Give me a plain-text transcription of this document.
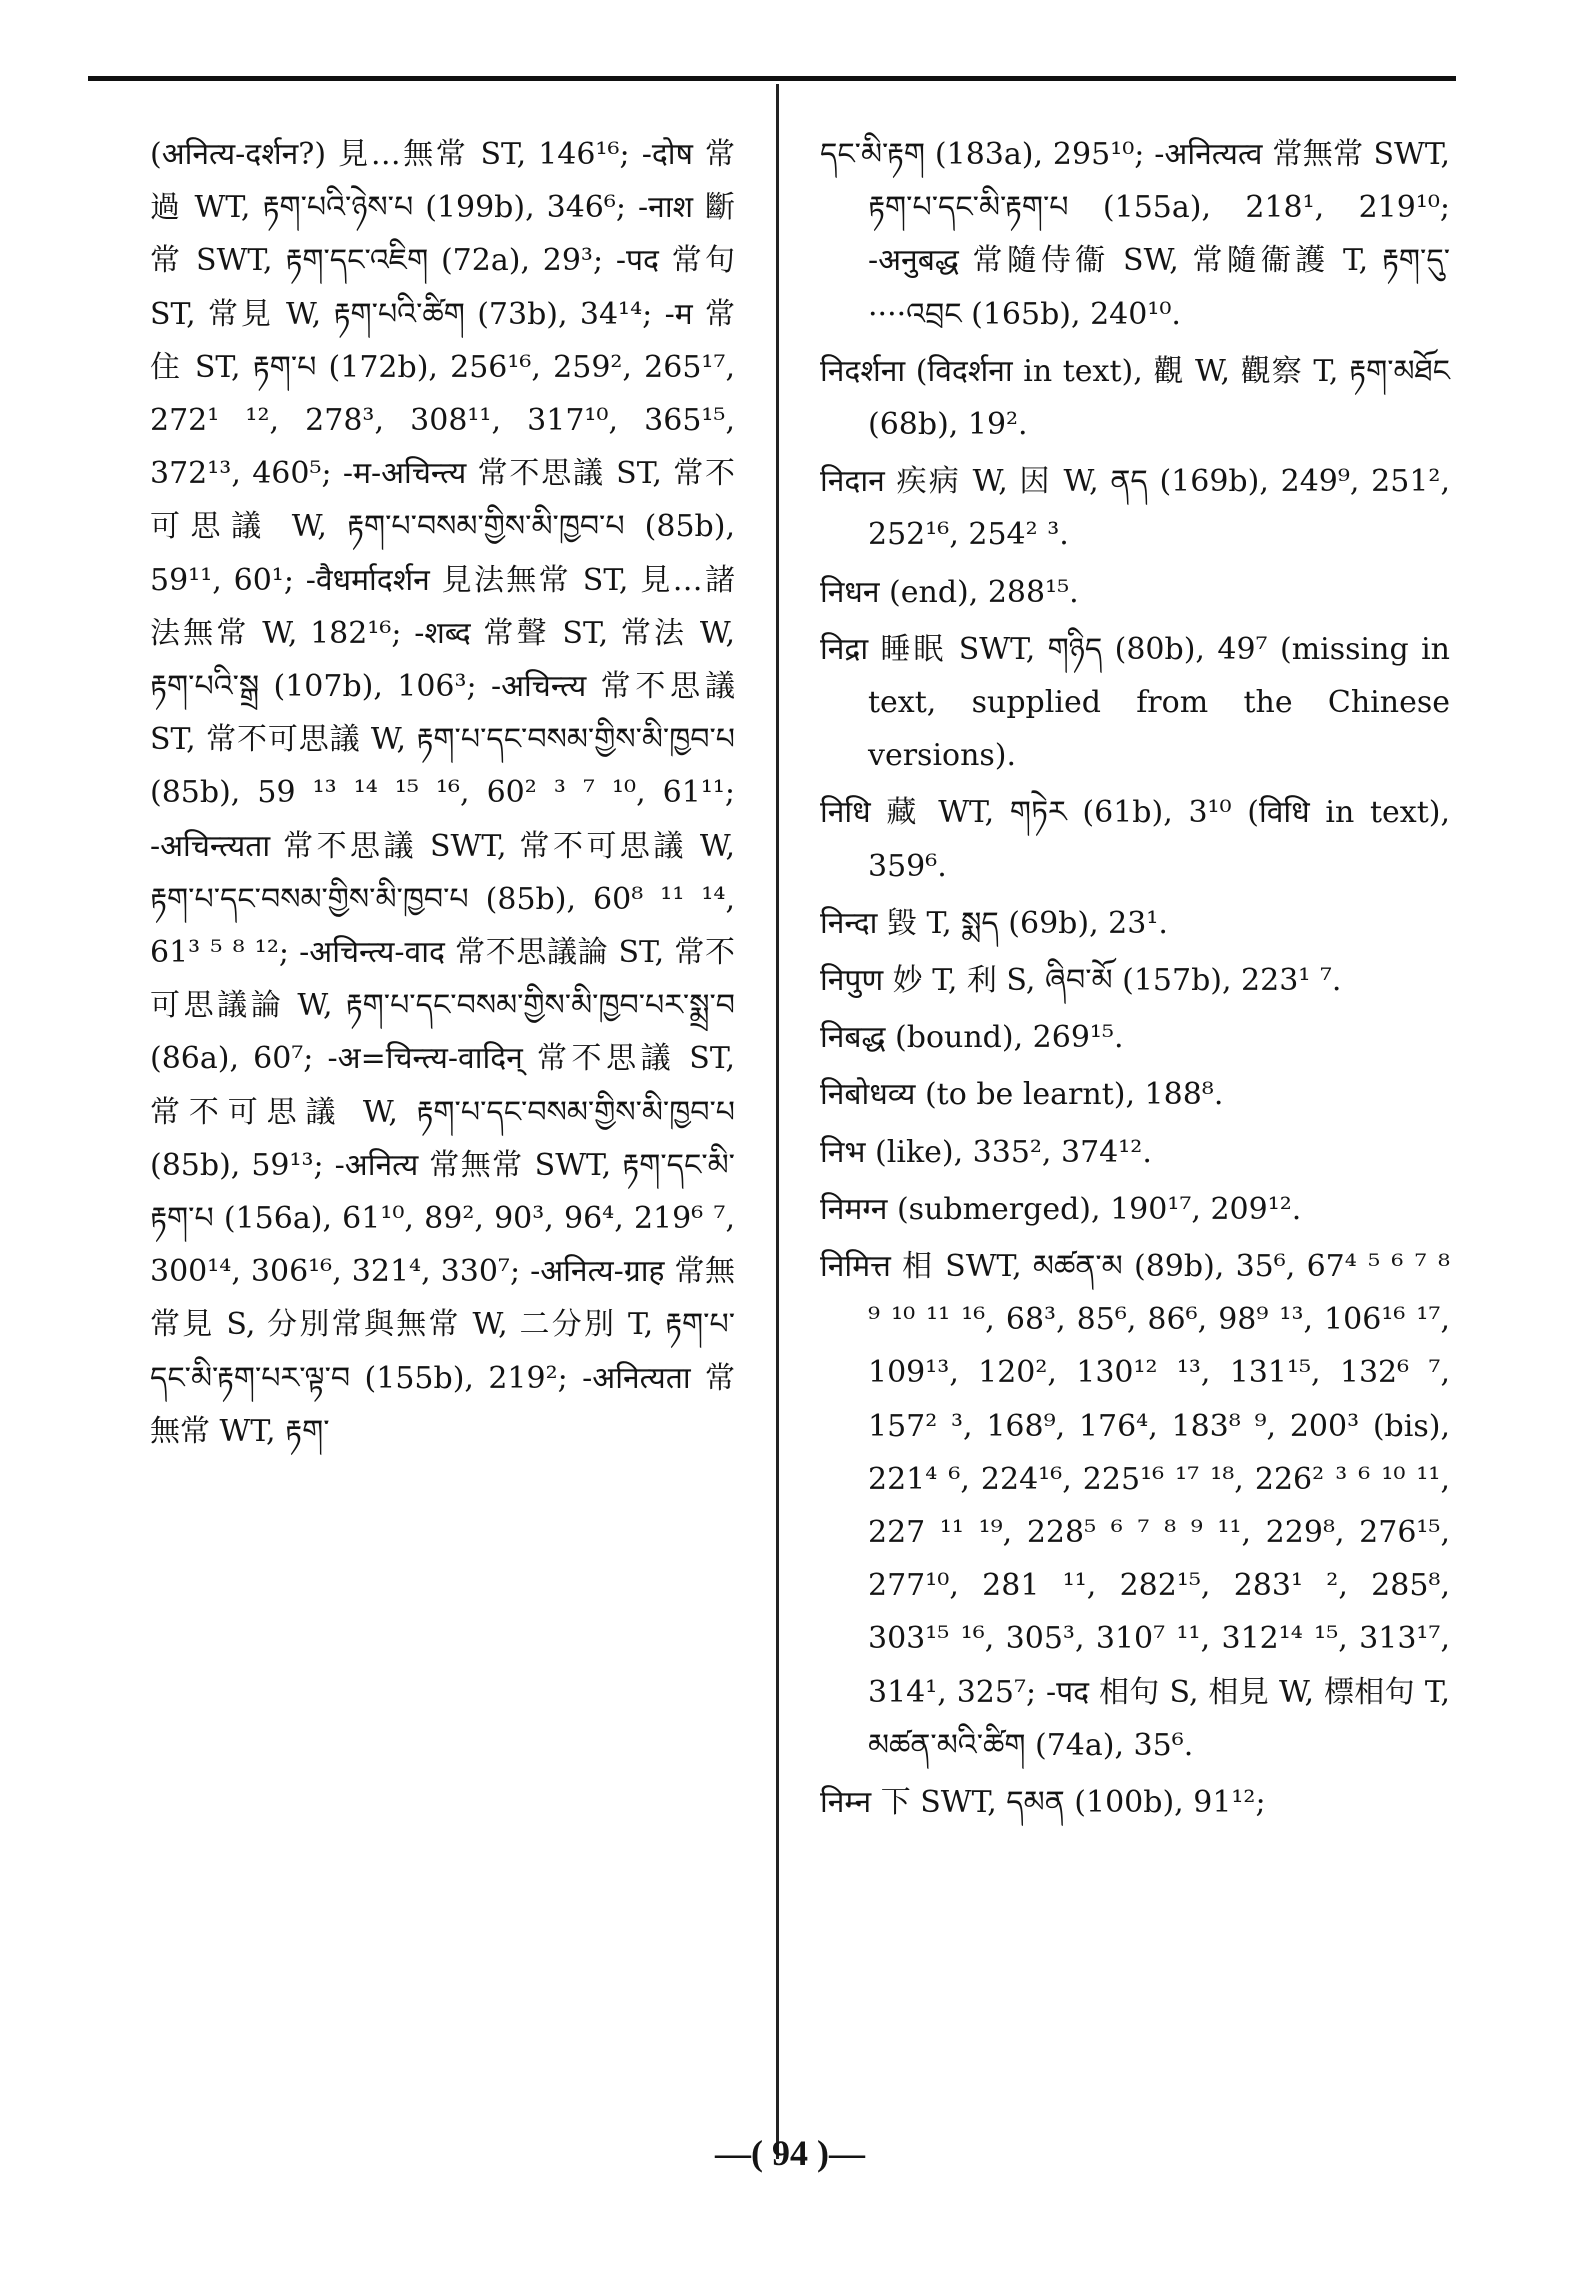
(अनित्य-दर्शन?) 見…無常 ST, 146¹⁶; -दोष 常過 WT, རྟག་པའི་ཉེས་པ (199b), 346⁶; -नाश 斷常 SWT, རྟག་དང་འཇིག (72a), 29³; -पद 常句 ST, 常見 W, རྟག་པའི་ཚིག (73b), 34¹⁴; -म 常住 ST, རྟག་པ (172b), 256¹⁶, 259², 265¹⁷, 272¹ ¹², 278³, 308¹¹, 317¹⁰, 365¹⁵, 372¹³, 460⁵; -म-अचिन्त्य 常不思議 ST, 常不可思議 W, རྟག་པ་བསམ་གྱིས་མི་ཁྱབ་པ (85b), 59¹¹, 60¹; -वैधर्मादर्शन 見法無常 ST, 見…諸法無常 W, 182¹⁶; -शब्द 常聲 ST, 常法 W, རྟག་པའི་སྒྲ (107b), 106³; -अचिन्त्य 常不思議 ST, 常不可思議 W, རྟག་པ་དང་བསམ་གྱིས་མི་ཁྱབ་པ (85b), 59 ¹³ ¹⁴ ¹⁵ ¹⁶, 60² ³ ⁷ ¹⁰, 61¹¹; -अचिन्त्यता 常不思議 SWT, 常不可思議 W, རྟག་པ་དང་བསམ་གྱིས་མི་ཁྱབ་པ (85b), 60⁸ ¹¹ ¹⁴, 61³ ⁵ ⁸ ¹²; -अचिन्त्य-वाद 常不思議論 ST, 常不可思議論 W, རྟག་པ་དང་བསམ་གྱིས་མི་ཁྱབ་པར་སྨྲ་བ (86a), 60⁷; -अ=चिन्त्य-वादिन् 常不思議 ST, 常不可思議 W, རྟག་པ་དང་བསམ་གྱིས་མི་ཁྱབ་པ (85b), 59¹³; -अनित्य 常無常 SWT, རྟག་དང་མི་རྟག་པ (156a), 61¹⁰, 89², 90³, 96⁴, 219⁶ ⁷, 300¹⁴, 306¹⁶, 321⁴, 330⁷; -अनित्य-ग्राह 常無常見 S, 分別常與無常 W, 二分別 T, རྟག་པ་དང་མི་རྟག་པར་ལྟ་བ (155b), 219²; -अनित्यता 常無常 WT, རྟག་
དང་མི་རྟག (183a), 295¹⁰; -अनित्यत्व 常無常 SWT, རྟག་པ་དང་མི་རྟག་པ (155a), 218¹, 219¹⁰; -अनुबद्ध 常隨侍衞 SW, 常隨衞護 T, རྟག་དུ་····འབྲང (165b), 240¹⁰.
निदर्शना (विदर्शना in text), 觀 W, 觀察 T, རྟག་མཐོང (68b), 19².
निदान 疾病 W, 因 W, ནད (169b), 249⁹, 251², 252¹⁶, 254² ³.
निधन (end), 288¹⁵.
निद्रा 睡眠 SWT, གཉིད (80b), 49⁷ (missing in text, supplied from the Chinese versions).
निधि 藏 WT, གཏེར (61b), 3¹⁰ (विधि in text), 359⁶.
निन्दा 毀 T, སྨད (69b), 23¹.
निपुण 妙 T, 利 S, ཞིབ་མོ (157b), 223¹ ⁷.
निबद्ध (bound), 269¹⁵.
निबोधव्य (to be learnt), 188⁸.
निभ (like), 335², 374¹².
निमग्न (submerged), 190¹⁷, 209¹².
निमित्त 相 SWT, མཚན་མ (89b), 35⁶, 67⁴ ⁵ ⁶ ⁷ ⁸ ⁹ ¹⁰ ¹¹ ¹⁶, 68³, 85⁶, 86⁶, 98⁹ ¹³, 106¹⁶ ¹⁷, 109¹³, 120², 130¹² ¹³, 131¹⁵, 132⁶ ⁷, 157² ³, 168⁹, 176⁴, 183⁸ ⁹, 200³ (bis), 221⁴ ⁶, 224¹⁶, 225¹⁶ ¹⁷ ¹⁸, 226² ³ ⁶ ¹⁰ ¹¹, 227 ¹¹ ¹⁹, 228⁵ ⁶ ⁷ ⁸ ⁹ ¹¹, 229⁸, 276¹⁵, 277¹⁰, 281 ¹¹, 282¹⁵, 283¹ ², 285⁸, 303¹⁵ ¹⁶, 305³, 310⁷ ¹¹, 312¹⁴ ¹⁵, 313¹⁷, 314¹, 325⁷; -पद 相句 S, 相見 W, 標相句 T, མཚན་མའི་ཚིག (74a), 35⁶.
निम्न 下 SWT, དམན (100b), 91¹²;
—( 94 )—
